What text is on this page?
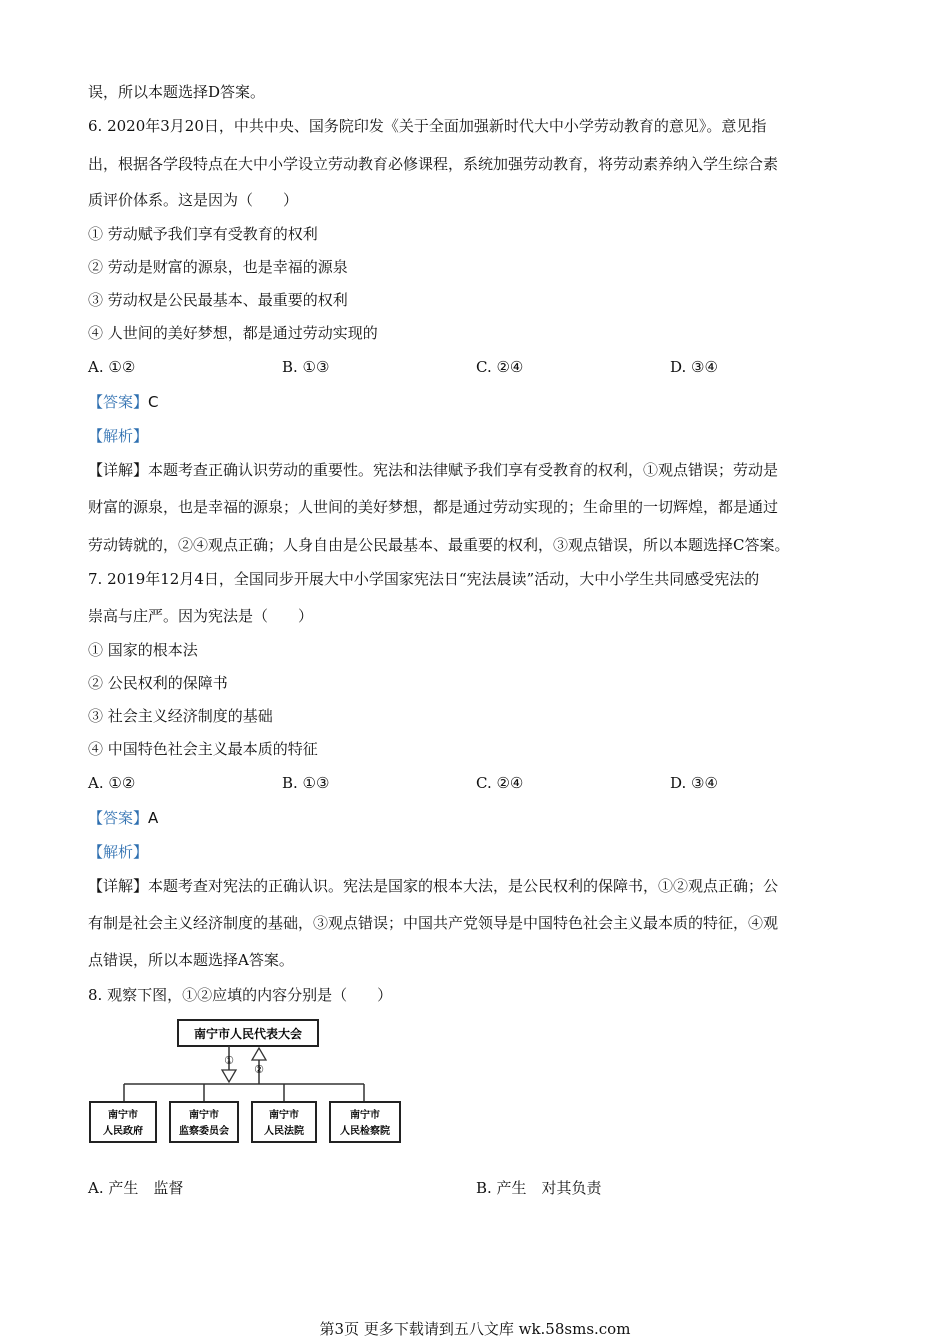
误，所以本题选择D答案。
6. 2020年3月20日，中共中央、国务院印发《关于全面加强新时代大中小学劳动教育的意见》。意见指
出，根据各学段特点在大中小学设立劳动教育必修课程，系统加强劳动教育，将劳动素养纳入学生综合素
质评价体系。这是因为（　　）
① 劳动赋予我们享有受教育的权利
② 劳动是财富的源泉，也是幸福的源泉
③ 劳动权是公民最基本、最重要的权利
④ 人世间的美好梦想，都是通过劳动实现的
A. ①②	B. ①③	C. ②④	D. ③④
【答案】C
【解析】
【详解】本题考查正确认识劳动的重要性。宪法和法律赋予我们享有受教育的权利，①观点错误；劳动是
财富的源泉，也是幸福的源泉；人世间的美好梦想，都是通过劳动实现的；生命里的一切辉煌，都是通过
劳动铸就的，②④观点正确；人身自由是公民最基本、最重要的权利，③观点错误，所以本题选择C答案。
7. 2019年12月4日，全国同步开展大中小学国家宪法日“宪法晨读”活动，大中小学生共同感受宪法的
崇高与庄严。因为宪法是（　　）
① 国家的根本法
② 公民权利的保障书
③ 社会主义经济制度的基础
④ 中国特色社会主义最本质的特征
A. ①②	B. ①③	C. ②④	D. ③④
【答案】A
【解析】
【详解】本题考查对宪法的正确认识。宪法是国家的根本大法，是公民权利的保障书，①②观点正确；公
有制是社会主义经济制度的基础，③观点错误；中国共产党领导是中国特色社会主义最本质的特征，④观
点错误，所以本题选择A答案。
8. 观察下图，①②应填的内容分别是（　　）
南宁市人民代表大会
①
②
南宁市
人民政府
南宁市
监察委员会
南宁市
人民法院
南宁市
人民检察院
A. 产生　监督	B. 产生　对其负责
第3页 更多下载请到五八文库 wk.58sms.com
